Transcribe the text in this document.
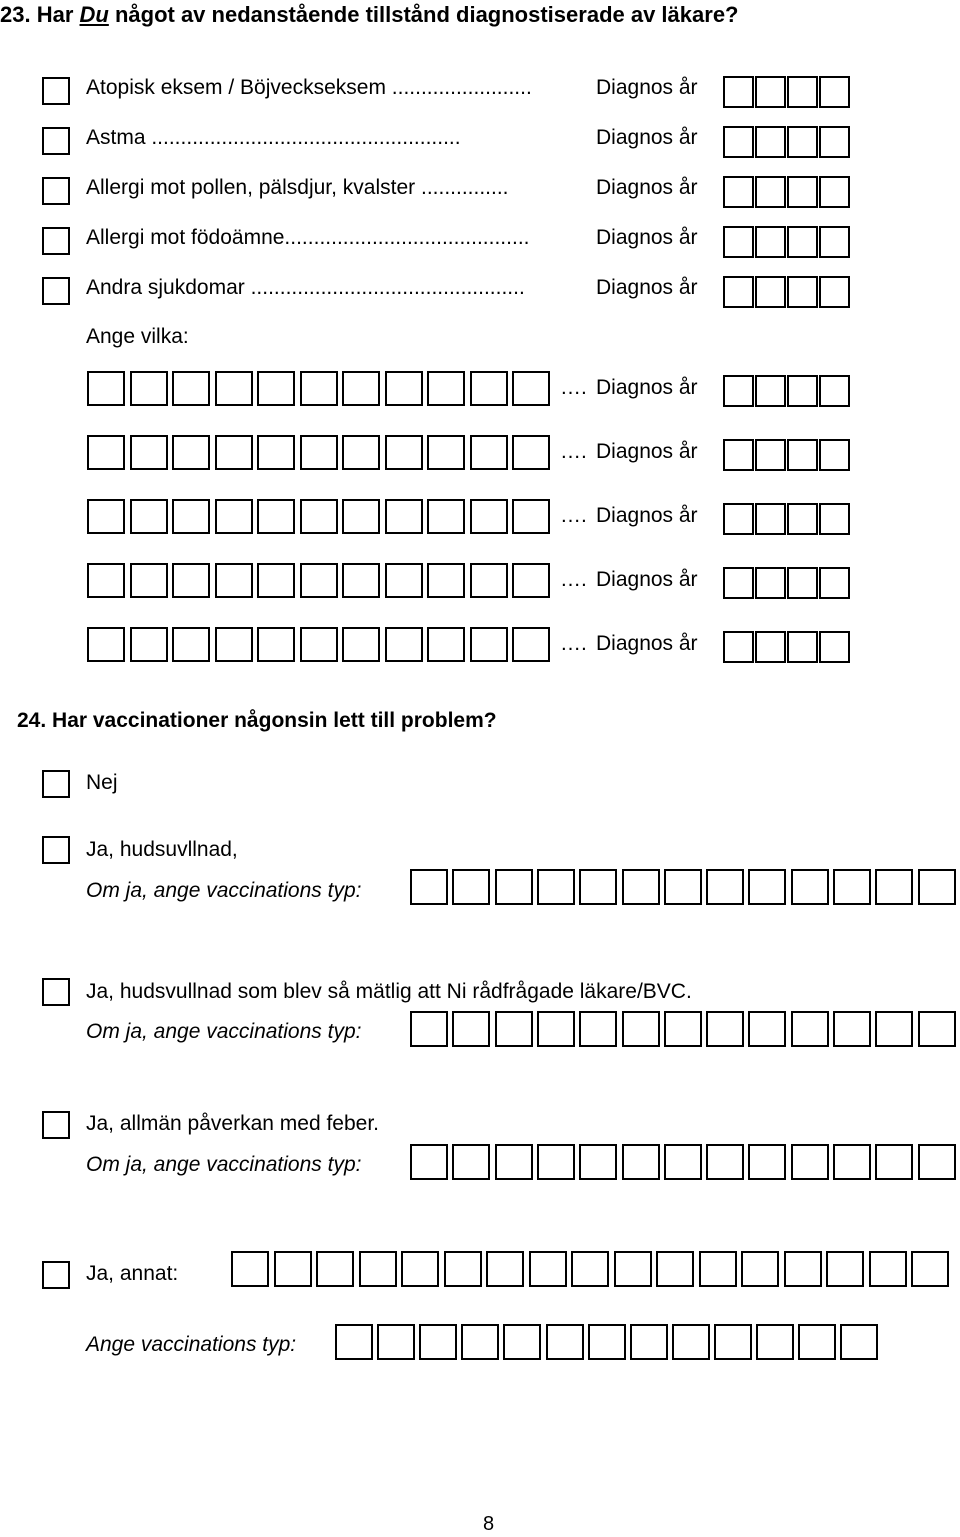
23. Har Du något av nedanstående tillstånd diagnostiserade av läkare?
Atopisk eksem / Böjveckseksem ........................	Diagnos år
Astma .....................................................	Diagnos år
Allergi mot pollen, pälsdjur, kvalster ...............	Diagnos år
Allergi mot födoämne..........................................	Diagnos år
Andra sjukdomar ...............................................	Diagnos år
Ange vilka:
…. Diagnos år
…. Diagnos år
…. Diagnos år
…. Diagnos år
…. Diagnos år
24. Har vaccinationer någonsin lett till problem?
Nej
Ja, hudsuvllnad,
Om ja, ange vaccinations typ:
Ja, hudsvullnad som blev så mätlig att Ni rådfrågade läkare/BVC.
Om ja, ange vaccinations typ:
Ja, allmän påverkan med feber.
Om ja, ange vaccinations typ:
Ja, annat:
Ange vaccinations typ:
8
